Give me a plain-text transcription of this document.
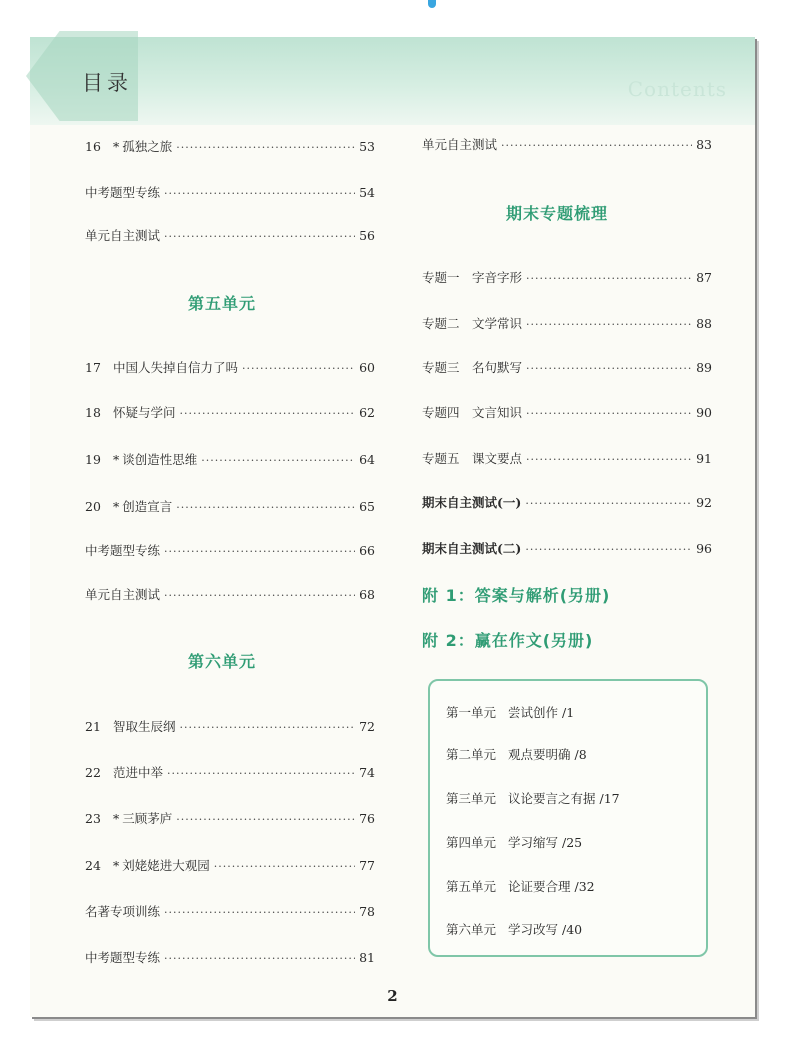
目录	Contents
16 * 孤独之旅 ·····	53
中考题型专练 ·····	54
单元自主测试 ·····	56
第五单元
17 中国人失掉自信力了吗 ·····	60
18 怀疑与学问 ·····	62
19 * 谈创造性思维 ·····	64
20 * 创造宣言 ·····	65
中考题型专练 ·····	66
单元自主测试 ·····	68
第六单元
21 智取生辰纲 ·····	72
22 范进中举 ·····	74
23 * 三顾茅庐 ·····	76
24 * 刘姥姥进大观园 ·····	77
名著专项训练 ·····	78
中考题型专练 ·····	81
单元自主测试 ·····	83
期末专题梳理
专题一　字音字形 ·····	87
专题二　文学常识 ·····	88
专题三　名句默写 ·····	89
专题四　文言知识 ·····	90
专题五　课文要点 ·····	91
期末自主测试(一) ·····	92
期末自主测试(二) ·····	96
附 1：答案与解析(另册)
附 2：赢在作文(另册)
第一单元 尝试创作 /1
第二单元 观点要明确 /8
第三单元 议论要言之有据 /17
第四单元 学习缩写 /25
第五单元 论证要合理 /32
第六单元 学习改写 /40
2
